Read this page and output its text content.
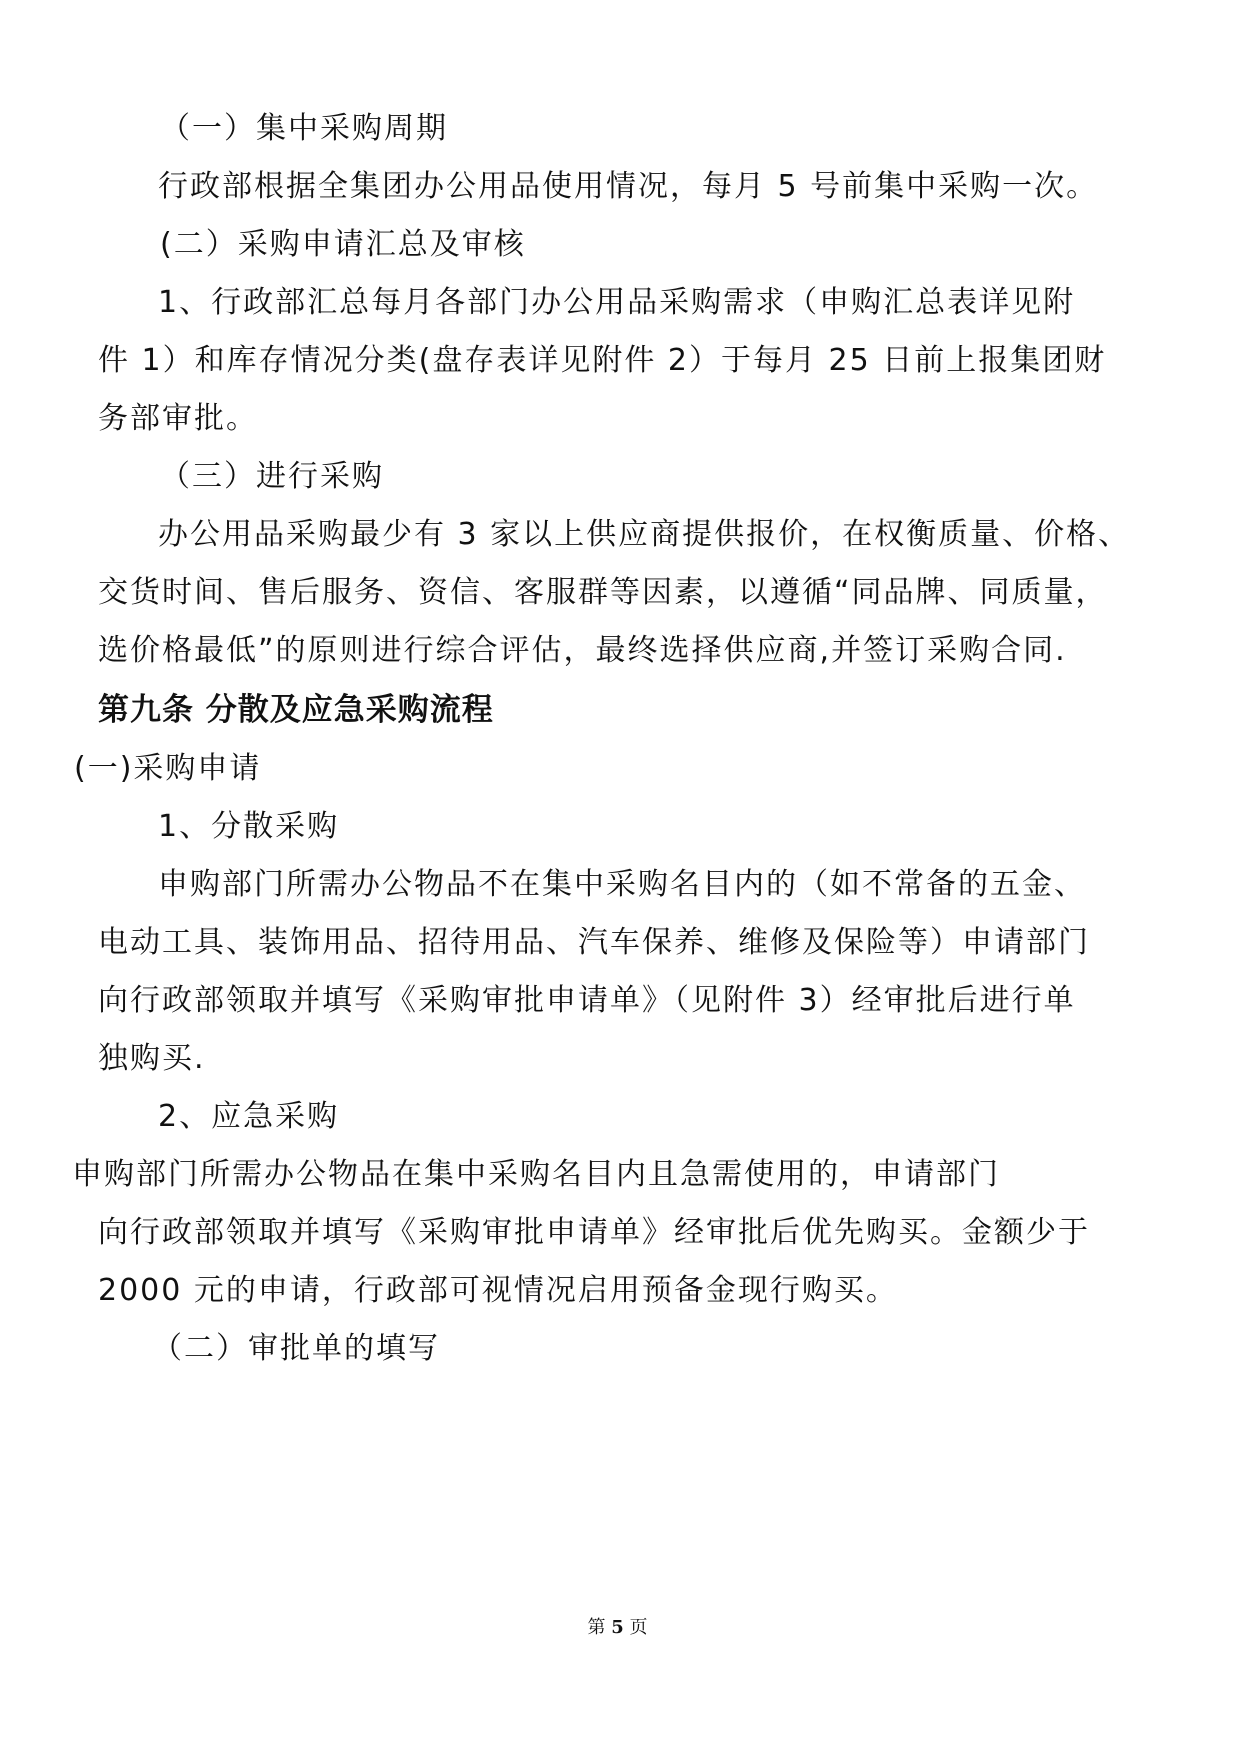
（一）集中采购周期
行政部根据全集团办公用品使用情况，每月 5 号前集中采购一次。
(二）采购申请汇总及审核
1、行政部汇总每月各部门办公用品采购需求（申购汇总表详见附
件 1）和库存情况分类(盘存表详见附件 2）于每月 25 日前上报集团财
务部审批。
（三）进行采购
办公用品采购最少有 3 家以上供应商提供报价，在权衡质量、价格、
交货时间、售后服务、资信、客服群等因素，以遵循“同品牌、同质量，
选价格最低”的原则进行综合评估，最终选择供应商,并签订采购合同.
第九条 分散及应急采购流程
(一)采购申请
1、分散采购
申购部门所需办公物品不在集中采购名目内的（如不常备的五金、
电动工具、装饰用品、招待用品、汽车保养、维修及保险等）申请部门
向行政部领取并填写《采购审批申请单》（见附件 3）经审批后进行单
独购买.
2、应急采购
申购部门所需办公物品在集中采购名目内且急需使用的，申请部门
向行政部领取并填写《采购审批申请单》经审批后优先购买。金额少于
2000 元的申请，行政部可视情况启用预备金现行购买。
（二）审批单的填写
第 5 页
